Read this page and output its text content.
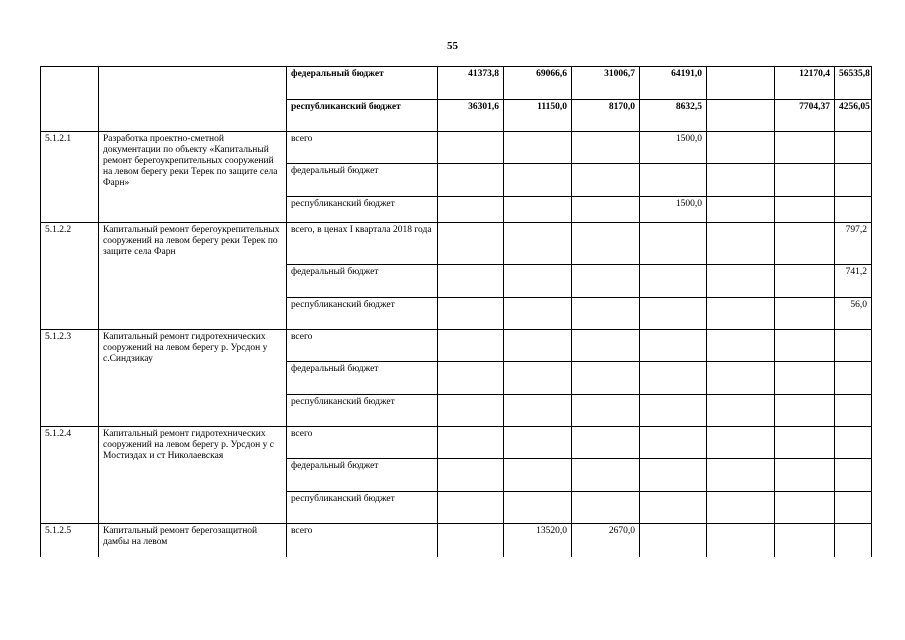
55
		федеральный бюджет	41373,8	69066,6	31006,7	64191,0		12170,4	56535,8
		республиканский бюджет	36301,6	11150,0	8170,0	8632,5		7704,37	4256,05
5.1.2.1	Разработка проектно-сметной документации по объекту «Капитальный ремонт берегоукрепительных сооружений на левом берегу реки Терек по защите села Фарн»	всего				1500,0			
		федеральный бюджет							
		республиканский бюджет				1500,0			
5.1.2.2	Капитальный ремонт берегоукрепительных сооружений на левом берегу реки Терек по защите села Фарн	всего, в ценах I квартала 2018 года							797,2
		федеральный бюджет							741,2
		республиканский бюджет							56,0
5.1.2.3	Капитальный ремонт гидротехнических сооружений на левом берегу р. Урсдон у с.Синдзикау	всего							
		федеральный бюджет							
		республиканский бюджет							
5.1.2.4	Капитальный ремонт гидротехнических сооружений на левом берегу р. Урсдон у с Мостиздах и ст Николаевская	всего							
		федеральный бюджет							
		республиканский бюджет							
5.1.2.5	Капитальный ремонт берегозащитной дамбы на левом	всего		13520,0	2670,0				
